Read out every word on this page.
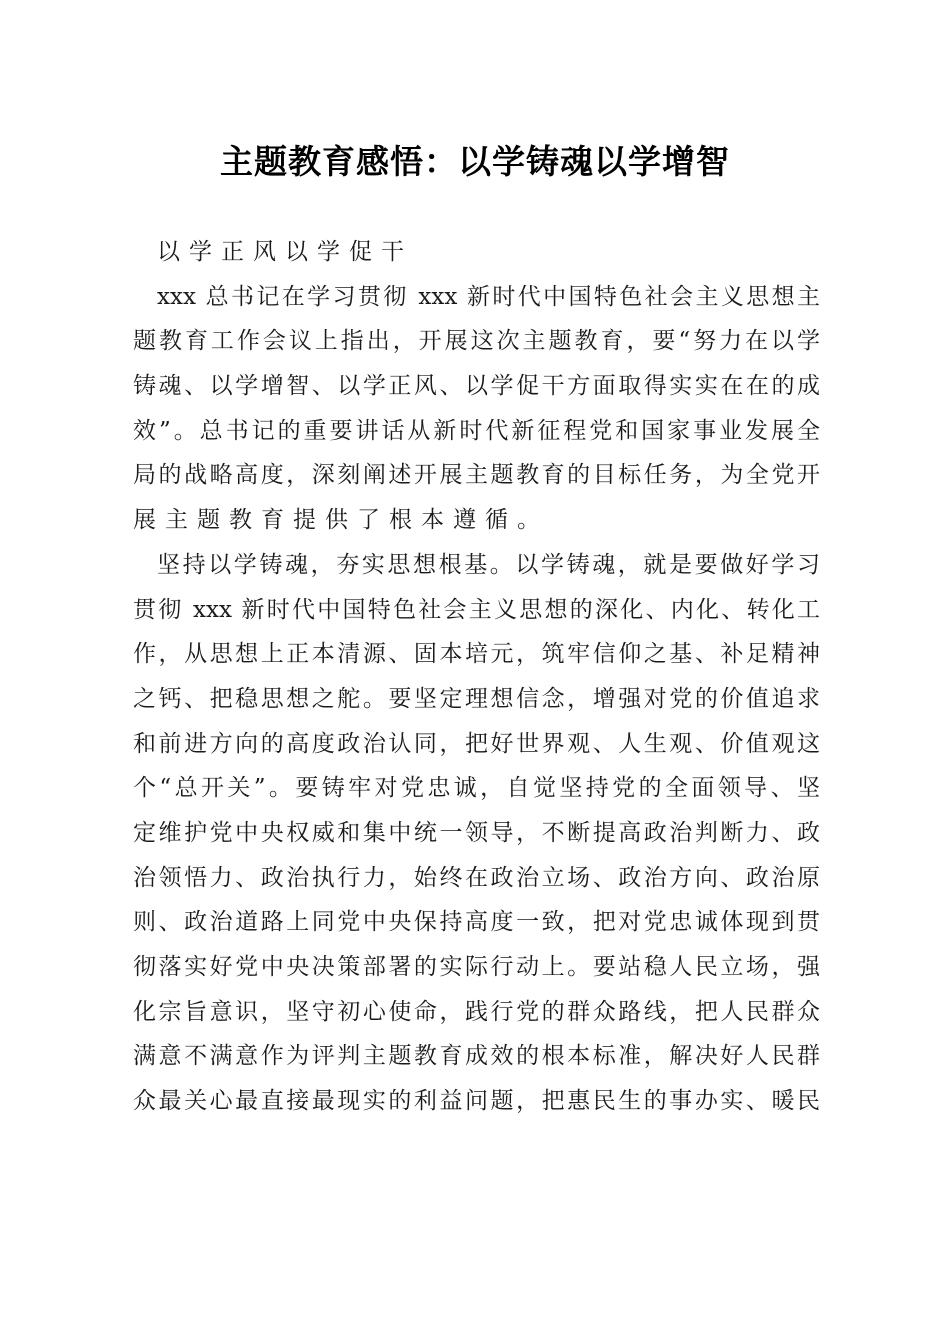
主题教育感悟：以学铸魂以学增智
以学正风以学促干
xxx 总书记在学习贯彻 xxx 新时代中国特色社会主义思想主
题教育工作会议上指出，开展这次主题教育，要“努力在以学
铸魂、以学增智、以学正风、以学促干方面取得实实在在的成
效”。总书记的重要讲话从新时代新征程党和国家事业发展全
局的战略高度，深刻阐述开展主题教育的目标任务，为全党开
展主题教育提供了根本遵循。
坚持以学铸魂，夯实思想根基。以学铸魂，就是要做好学习
贯彻 xxx 新时代中国特色社会主义思想的深化、内化、转化工
作，从思想上正本清源、固本培元，筑牢信仰之基、补足精神
之钙、把稳思想之舵。要坚定理想信念，增强对党的价值追求
和前进方向的高度政治认同，把好世界观、人生观、价值观这
个“总开关”。要铸牢对党忠诚，自觉坚持党的全面领导、坚
定维护党中央权威和集中统一领导，不断提高政治判断力、政
治领悟力、政治执行力，始终在政治立场、政治方向、政治原
则、政治道路上同党中央保持高度一致，把对党忠诚体现到贯
彻落实好党中央决策部署的实际行动上。要站稳人民立场，强
化宗旨意识，坚守初心使命，践行党的群众路线，把人民群众
满意不满意作为评判主题教育成效的根本标准，解决好人民群
众最关心最直接最现实的利益问题，把惠民生的事办实、暖民
